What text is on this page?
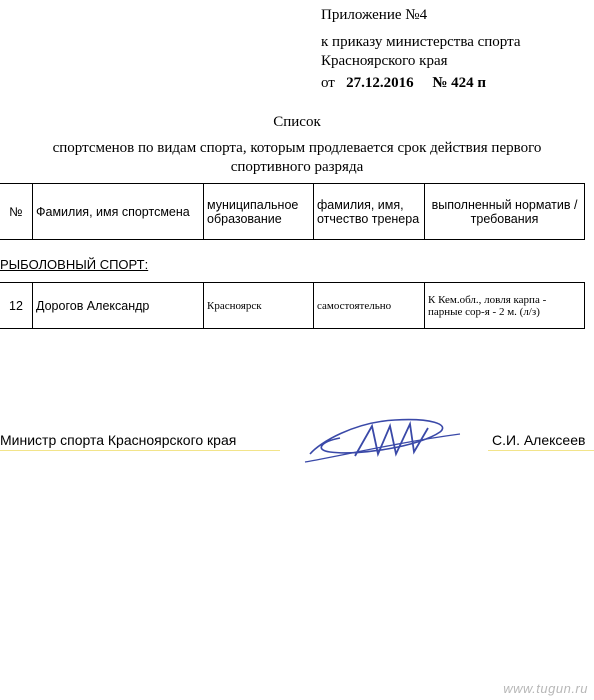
Приложение №4
к приказу министерства спорта
Красноярского края
от 27.12.2016 № 424 п
Список
спортсменов по видам спорта, которым продлевается срок действия первого
спортивного разряда
№	Фамилия, имя спортсмена	муниципальное образование	фамилия, имя, отчество тренера	выполненный норматив /требования
РЫБОЛОВНЫЙ СПОРТ:
12	Дорогов Александр	Красноярск	самостоятельно	К Кем.обл., ловля карпа - парные сор-я - 2 м. (л/з)
Министр спорта Красноярского края	С.И. Алексеев
www.tugun.ru
